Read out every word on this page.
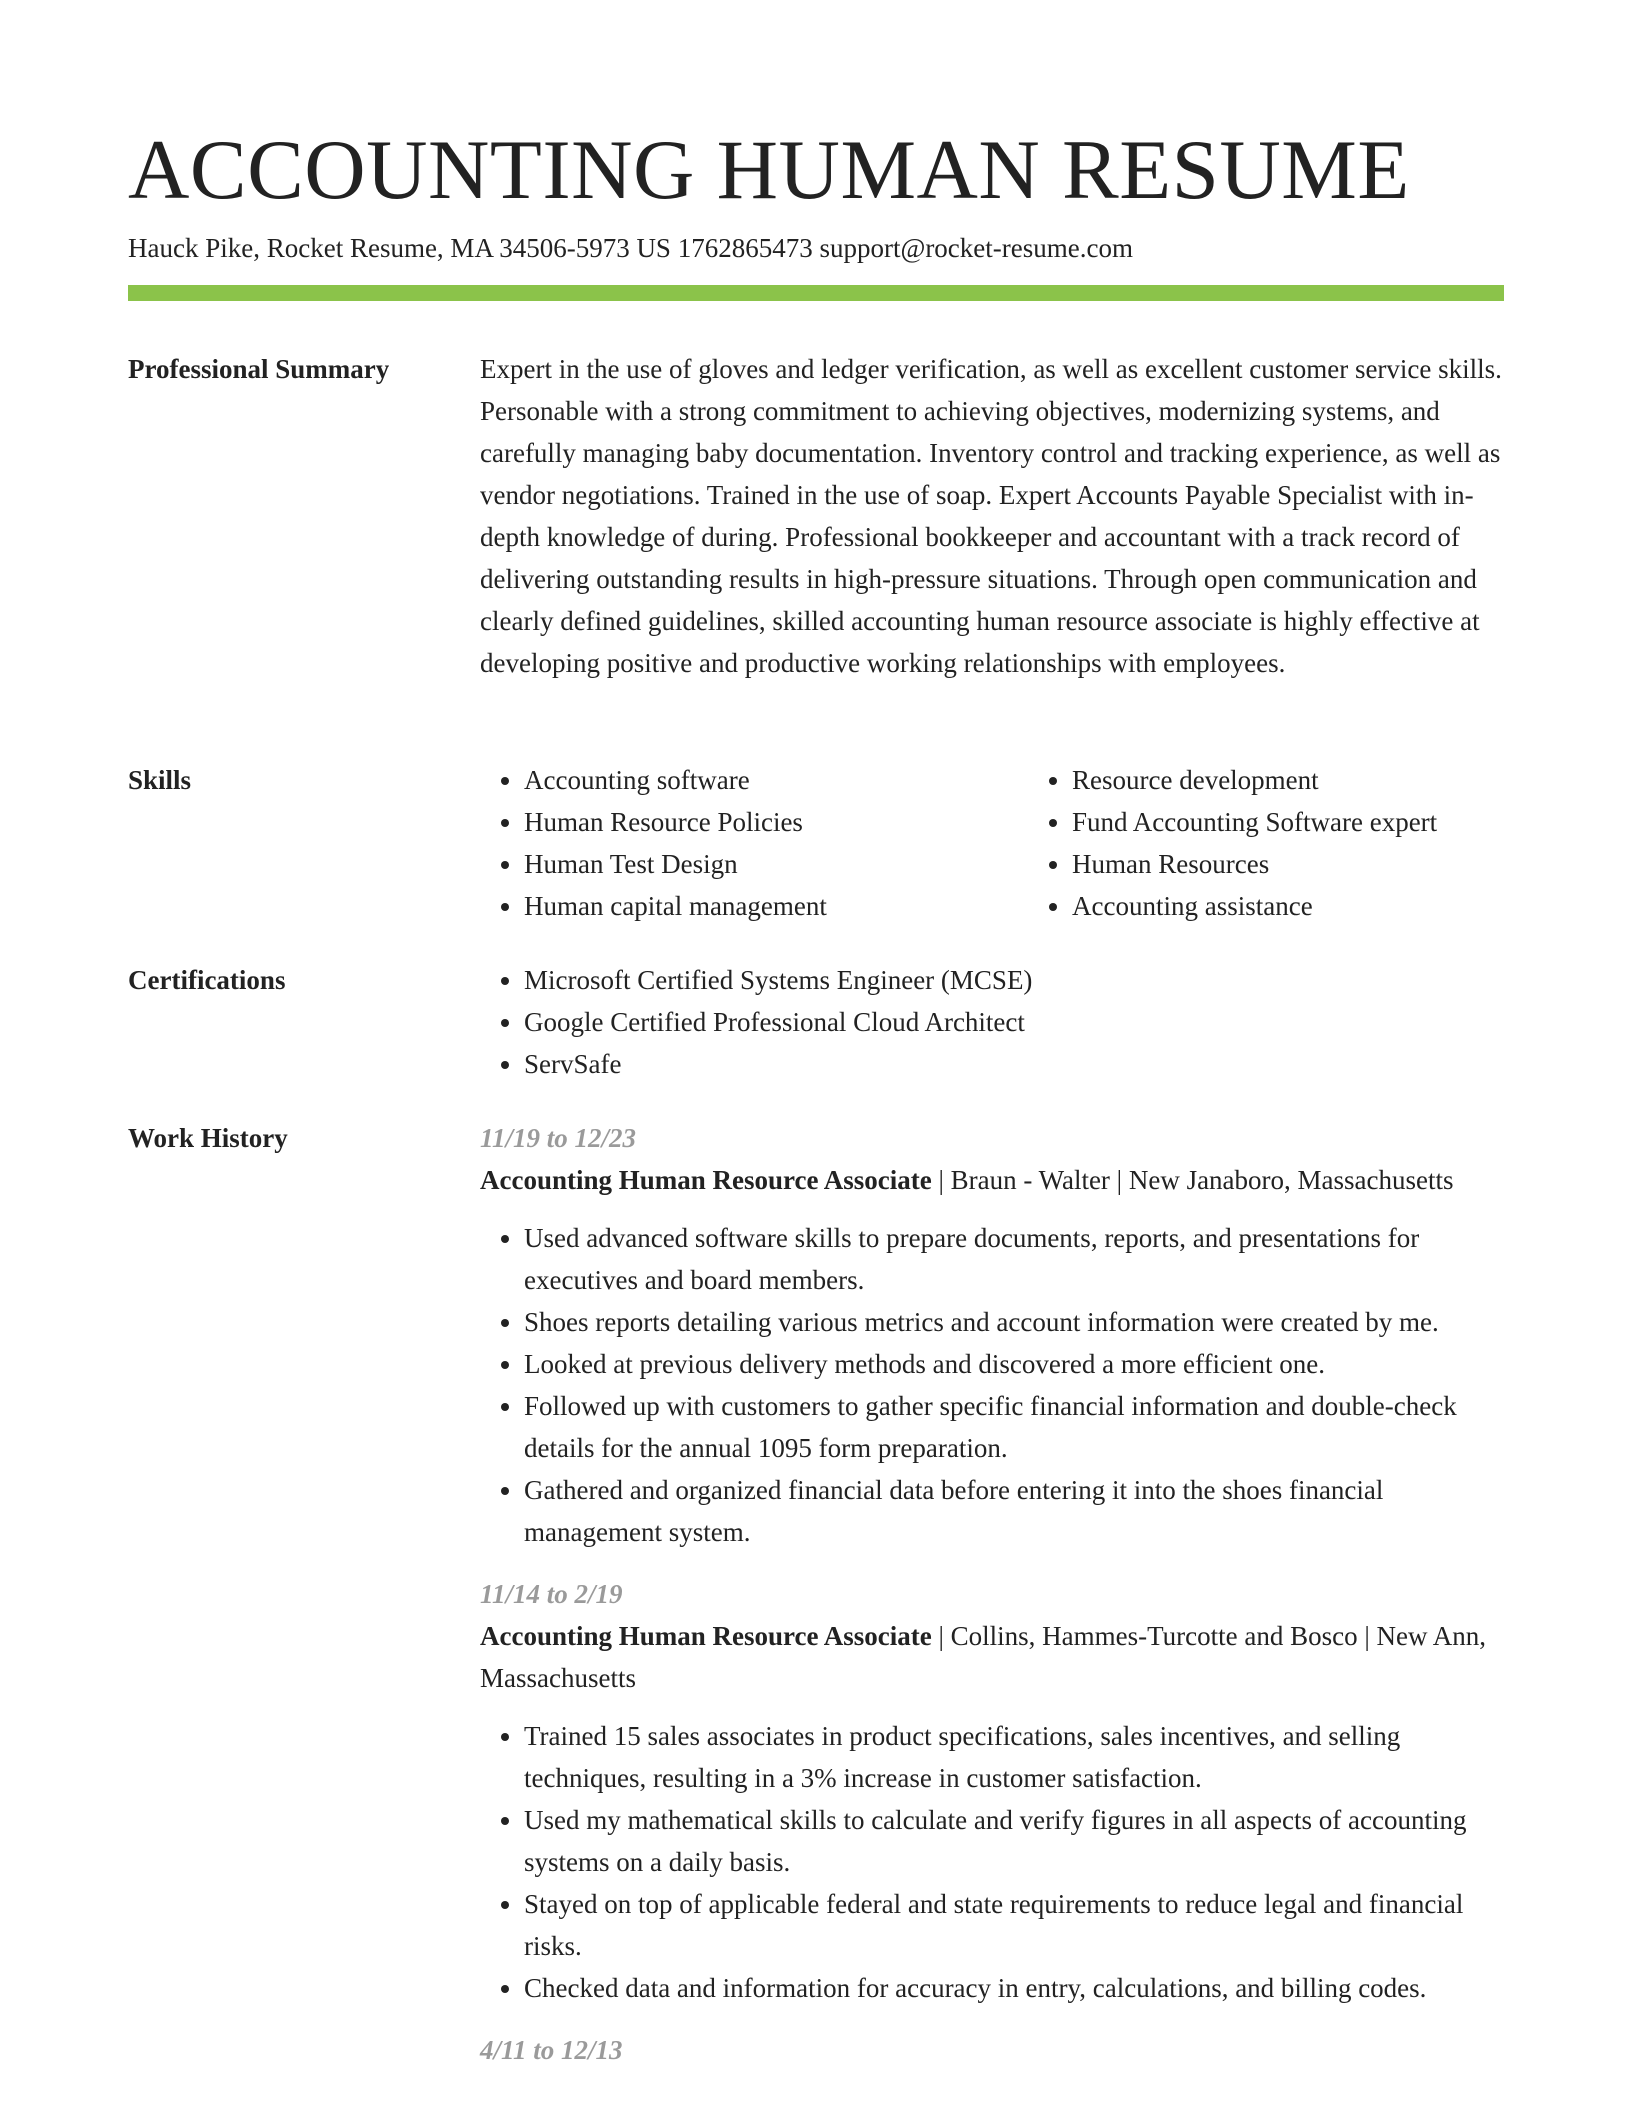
ACCOUNTING HUMAN RESUME
Hauck Pike, Rocket Resume, MA 34506-5973 US 1762865473 support@rocket-resume.com
Professional Summary	Expert in the use of gloves and ledger verification, as well as excellent customer service skills. Personable with a strong commitment to achieving objectives, modernizing systems, and carefully managing baby documentation. Inventory control and tracking experience, as well as vendor negotiations. Trained in the use of soap. Expert Accounts Payable Specialist with in-depth knowledge of during. Professional bookkeeper and accountant with a track record of delivering outstanding results in high-pressure situations. Through open communication and clearly defined guidelines, skilled accounting human resource associate is highly effective at developing positive and productive working relationships with employees.

Skills	• Accounting software
• Human Resource Policies
• Human Test Design
• Human capital management
• Resource development
• Fund Accounting Software expert
• Human Resources
• Accounting assistance
Certifications	• Microsoft Certified Systems Engineer (MCSE)
• Google Certified Professional Cloud Architect
• ServSafe
Work History	11/19 to 12/23
Accounting Human Resource Associate | Braun - Walter | New Janaboro, Massachusetts
• Used advanced software skills to prepare documents, reports, and presentations for executives and board members.
• Shoes reports detailing various metrics and account information were created by me.
• Looked at previous delivery methods and discovered a more efficient one.
• Followed up with customers to gather specific financial information and double-check details for the annual 1095 form preparation.
• Gathered and organized financial data before entering it into the shoes financial management system.
11/14 to 2/19
Accounting Human Resource Associate | Collins, Hammes-Turcotte and Bosco | New Ann, Massachusetts
• Trained 15 sales associates in product specifications, sales incentives, and selling techniques, resulting in a 3% increase in customer satisfaction.
• Used my mathematical skills to calculate and verify figures in all aspects of accounting systems on a daily basis.
• Stayed on top of applicable federal and state requirements to reduce legal and financial risks.
• Checked data and information for accuracy in entry, calculations, and billing codes.
4/11 to 12/13
